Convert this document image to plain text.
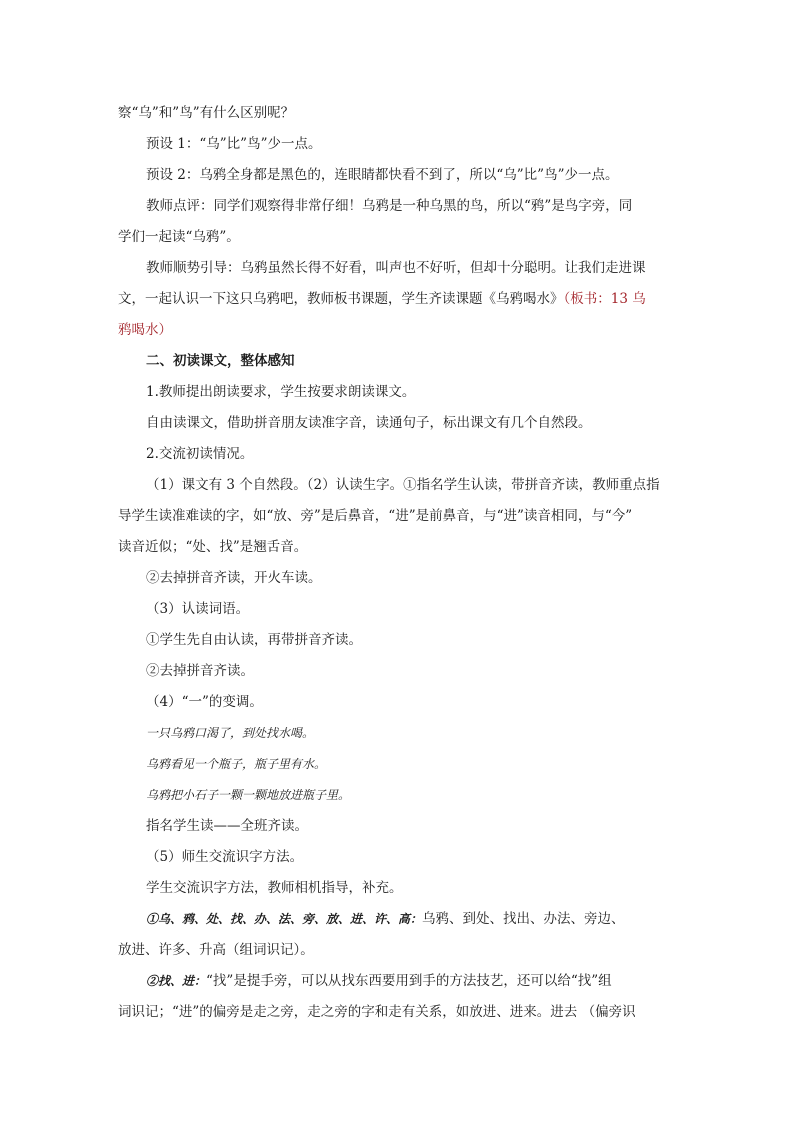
察“乌”和”鸟”有什么区别呢？
预设 1：“乌”比”鸟”少一点。
预设 2：乌鸦全身都是黑色的，连眼睛都快看不到了，所以“乌”比”鸟”少一点。
教师点评：同学们观察得非常仔细！乌鸦是一种乌黑的鸟，所以“鸦”是鸟字旁，同
学们一起读“乌鸦”。
教师顺势引导：乌鸦虽然长得不好看，叫声也不好听，但却十分聪明。让我们走进课
文，一起认识一下这只乌鸦吧，教师板书课题，学生齐读课题《乌鸦喝水》（板书：13 乌
鸦喝水）
二、初读课文，整体感知
1.教师提出朗读要求，学生按要求朗读课文。
自由读课文，借助拼音朋友读准字音，读通句子，标出课文有几个自然段。
2.交流初读情况。
（1）课文有 3 个自然段。（2）认读生字。①指名学生认读，带拼音齐读，教师重点指
导学生读准难读的字，如“放、旁”是后鼻音，“进”是前鼻音，与“进”读音相同，与“今”
读音近似；“处、找”是翘舌音。
②去掉拼音齐读，开火车读。
（3）认读词语。
①学生先自由认读，再带拼音齐读。
②去掉拼音齐读。
（4）“一”的变调。
一只乌鸦口渴了，到处找水喝。
乌鸦看见一个瓶子，瓶子里有水。
乌鸦把小石子一颗一颗地放进瓶子里。
指名学生读——全班齐读。
（5）师生交流识字方法。
学生交流识字方法，教师相机指导，补充。
①乌、鸦、处、找、办、法、旁、放、进、许、高：乌鸦、到处、找出、办法、旁边、
放进、许多、升高（组词识记）。
②找、进：“找”是提手旁，可以从找东西要用到手的方法技艺，还可以给“找”组
词识记；“进”的偏旁是走之旁，走之旁的字和走有关系，如放进、进来。进去 （偏旁识
